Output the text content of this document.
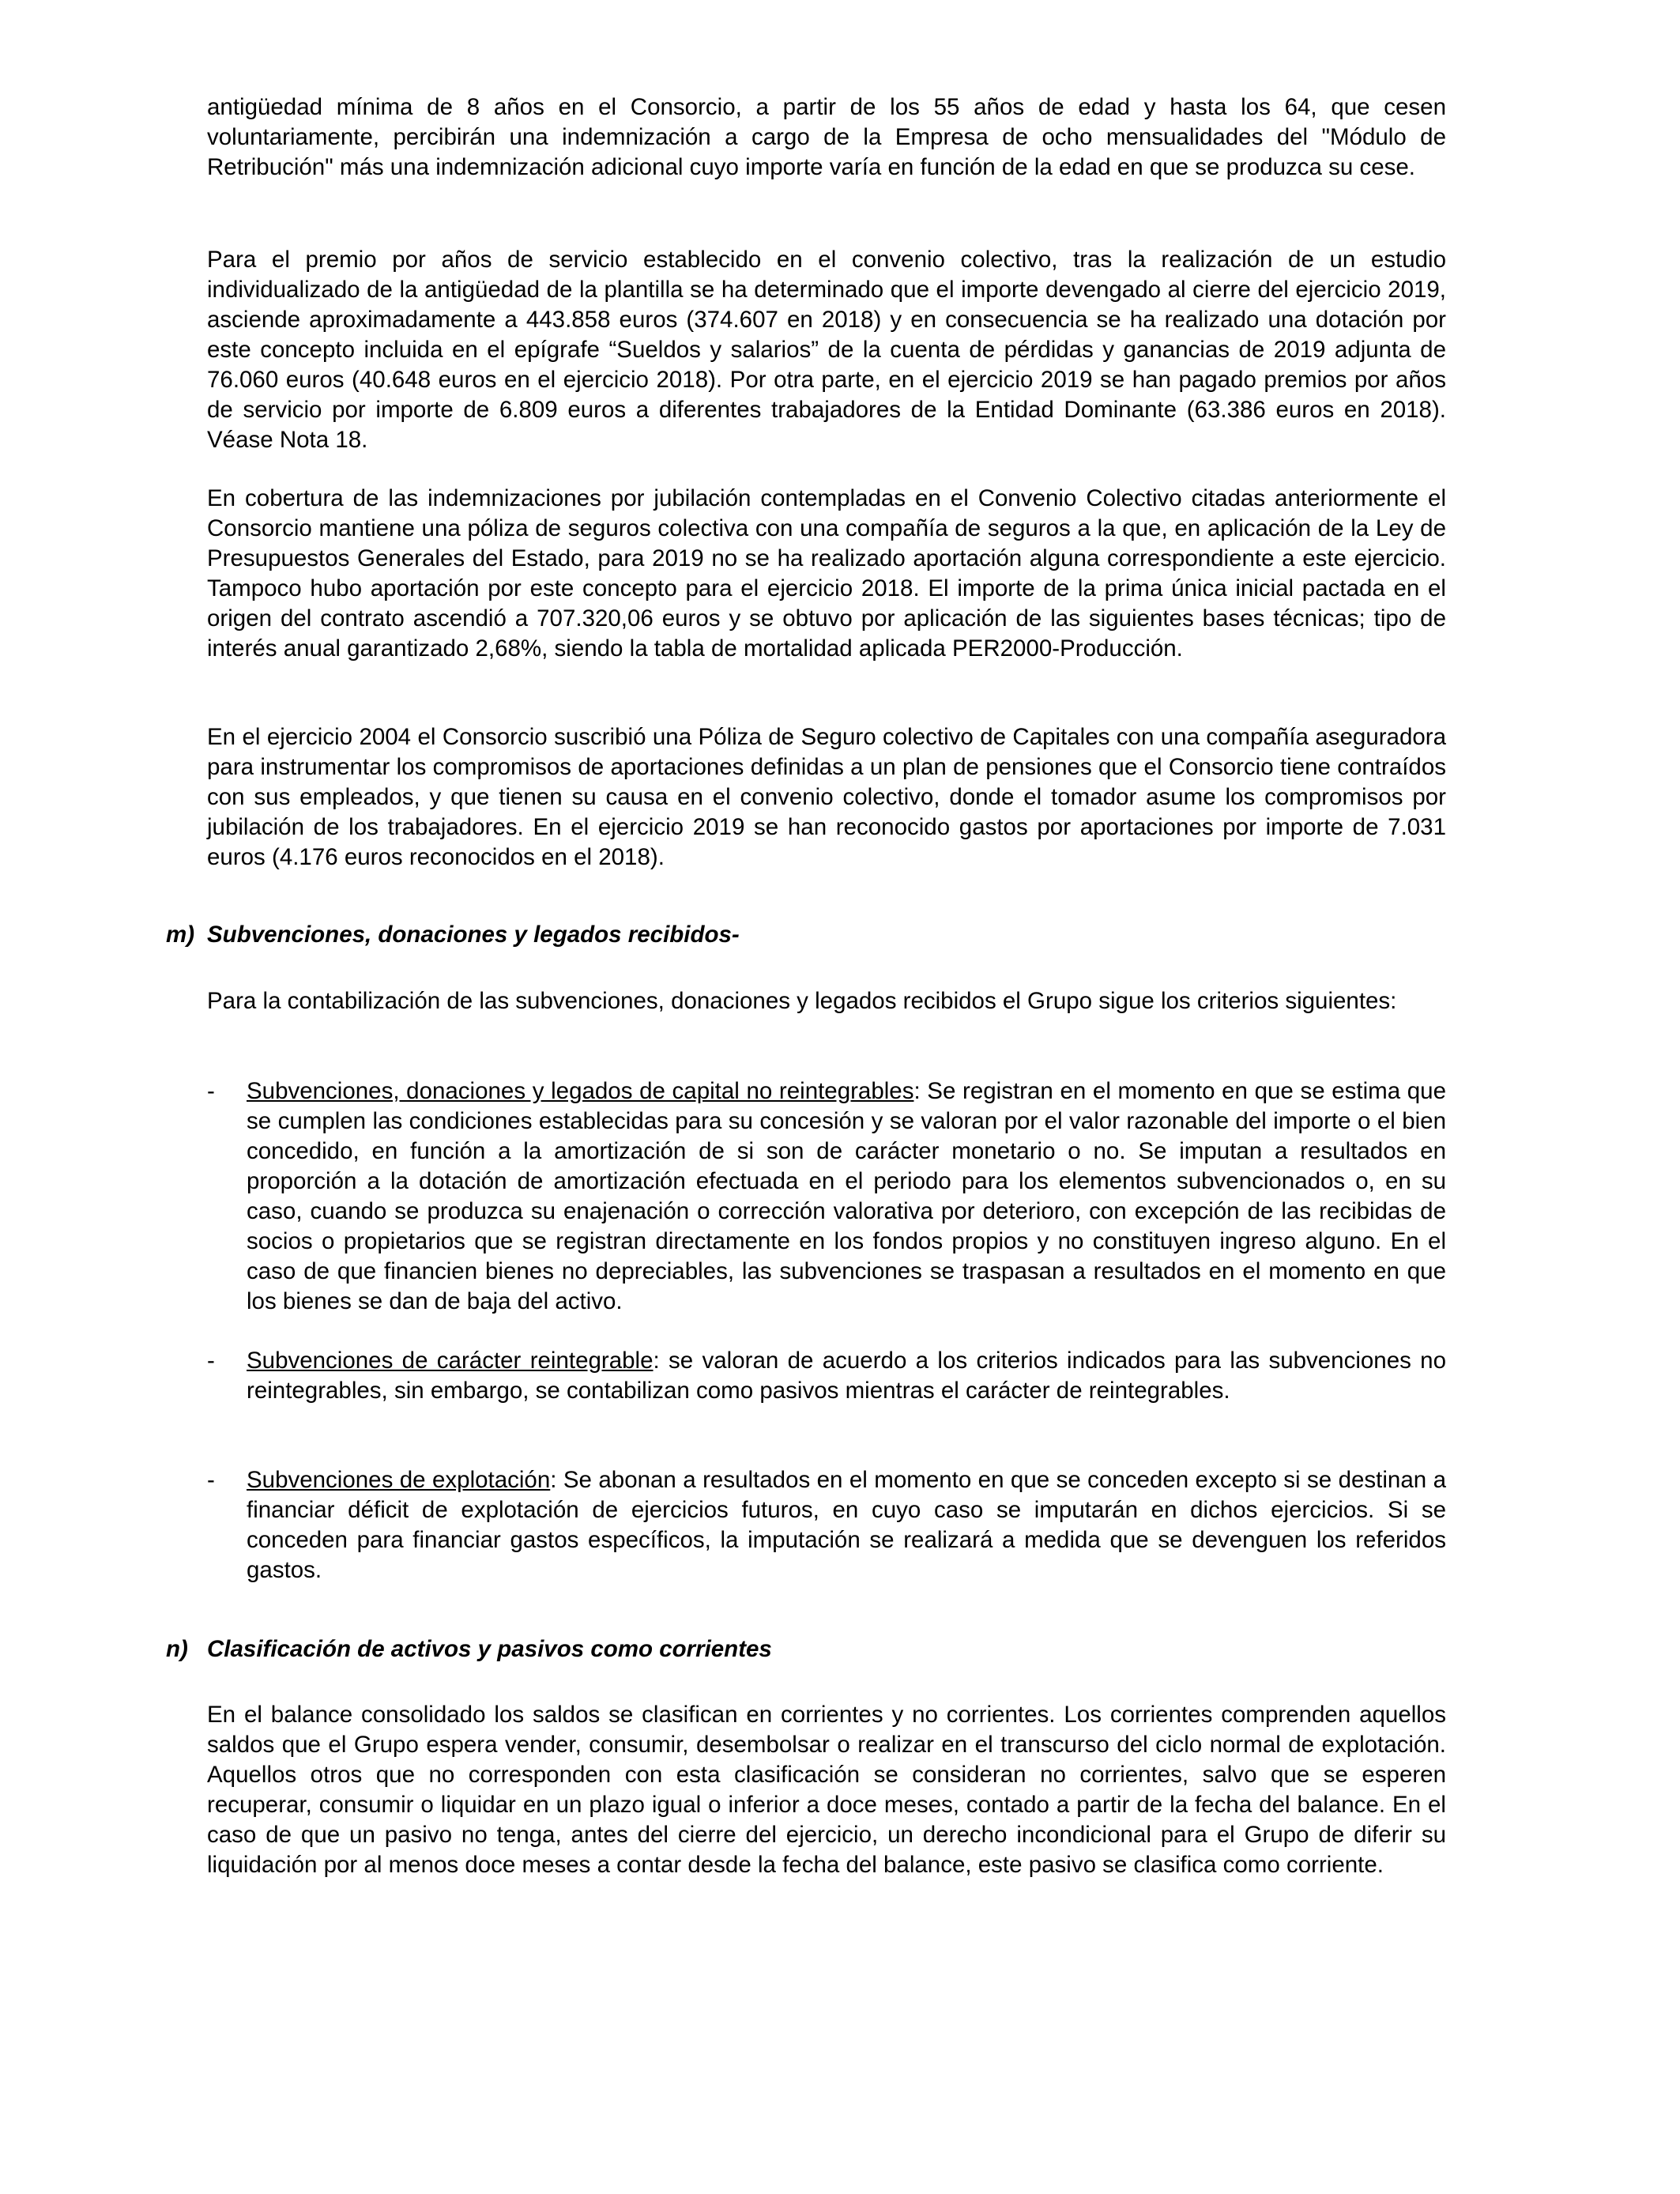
antigüedad mínima de 8 años en el Consorcio, a partir de los 55 años de edad y hasta los 64, que cesen voluntariamente, percibirán una indemnización a cargo de la Empresa de ocho mensualidades del "Módulo de Retribución" más una indemnización adicional cuyo importe varía en función de la edad en que se produzca su cese.

Para el premio por años de servicio establecido en el convenio colectivo, tras la realización de un estudio individualizado de la antigüedad de la plantilla se ha determinado que el importe devengado al cierre del ejercicio 2019, asciende aproximadamente a 443.858 euros (374.607 en 2018) y en consecuencia se ha realizado una dotación por este concepto incluida en el epígrafe “Sueldos y salarios” de la cuenta de pérdidas y ganancias de 2019 adjunta de 76.060 euros (40.648 euros en el ejercicio 2018). Por otra parte, en el ejercicio 2019 se han pagado premios por años de servicio por importe de 6.809 euros a diferentes trabajadores de la Entidad Dominante (63.386 euros en 2018). Véase Nota 18.

En cobertura de las indemnizaciones por jubilación contempladas en el Convenio Colectivo citadas anteriormente el Consorcio mantiene una póliza de seguros colectiva con una compañía de seguros a la que, en aplicación de la Ley de Presupuestos Generales del Estado, para 2019 no se ha realizado aportación alguna correspondiente a este ejercicio. Tampoco hubo aportación por este concepto para el ejercicio 2018. El importe de la prima única inicial pactada en el origen del contrato ascendió a 707.320,06 euros y se obtuvo por aplicación de las siguientes bases técnicas; tipo de interés anual garantizado 2,68%, siendo la tabla de mortalidad aplicada PER2000-Producción.

En el ejercicio 2004 el Consorcio suscribió una Póliza de Seguro colectivo de Capitales con una compañía aseguradora para instrumentar los compromisos de aportaciones definidas a un plan de pensiones que el Consorcio tiene contraídos con sus empleados, y que tienen su causa en el convenio colectivo, donde el tomador asume los compromisos por jubilación de los trabajadores. En el ejercicio 2019 se han reconocido gastos por aportaciones por importe de 7.031 euros (4.176 euros reconocidos en el 2018).

m) Subvenciones, donaciones y legados recibidos-

Para la contabilización de las subvenciones, donaciones y legados recibidos el Grupo sigue los criterios siguientes:

- Subvenciones, donaciones y legados de capital no reintegrables: Se registran en el momento en que se estima que se cumplen las condiciones establecidas para su concesión y se valoran por el valor razonable del importe o el bien concedido, en función a la amortización de si son de carácter monetario o no. Se imputan a resultados en proporción a la dotación de amortización efectuada en el periodo para los elementos subvencionados o, en su caso, cuando se produzca su enajenación o corrección valorativa por deterioro, con excepción de las recibidas de socios o propietarios que se registran directamente en los fondos propios y no constituyen ingreso alguno. En el caso de que financien bienes no depreciables, las subvenciones se traspasan a resultados en el momento en que los bienes se dan de baja del activo.

- Subvenciones de carácter reintegrable: se valoran de acuerdo a los criterios indicados para las subvenciones no reintegrables, sin embargo, se contabilizan como pasivos mientras el carácter de reintegrables.

- Subvenciones de explotación: Se abonan a resultados en el momento en que se conceden excepto si se destinan a financiar déficit de explotación de ejercicios futuros, en cuyo caso se imputarán en dichos ejercicios. Si se conceden para financiar gastos específicos, la imputación se realizará a medida que se devenguen los referidos gastos.

n) Clasificación de activos y pasivos como corrientes

En el balance consolidado los saldos se clasifican en corrientes y no corrientes. Los corrientes comprenden aquellos saldos que el Grupo espera vender, consumir, desembolsar o realizar en el transcurso del ciclo normal de explotación. Aquellos otros que no corresponden con esta clasificación se consideran no corrientes, salvo que se esperen recuperar, consumir o liquidar en un plazo igual o inferior a doce meses, contado a partir de la fecha del balance. En el caso de que un pasivo no tenga, antes del cierre del ejercicio, un derecho incondicional para el Grupo de diferir su liquidación por al menos doce meses a contar desde la fecha del balance, este pasivo se clasifica como corriente.
